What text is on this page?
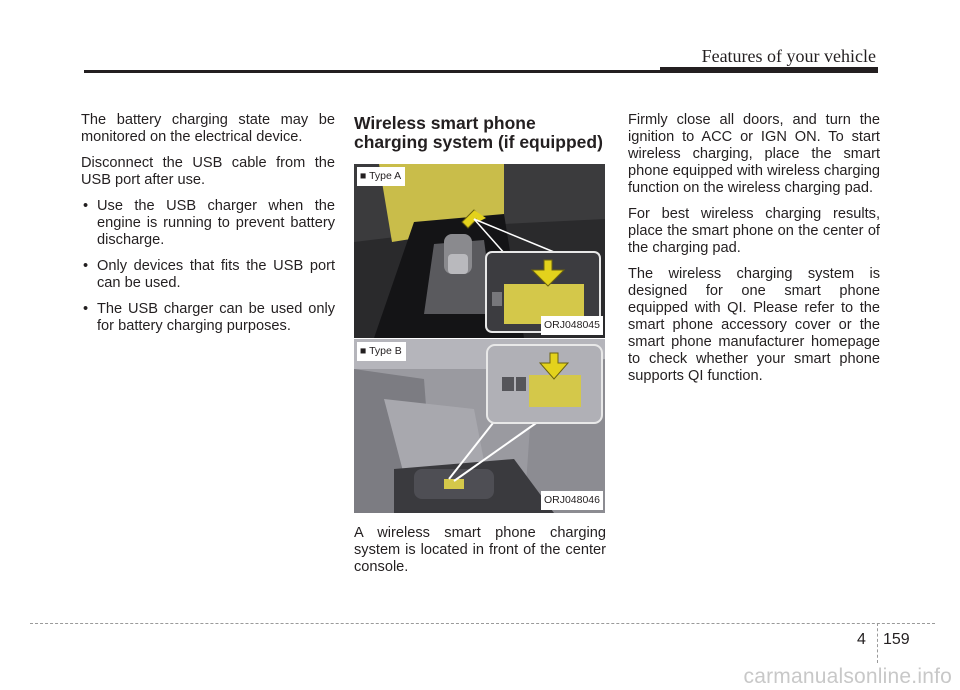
Features of your vehicle

The battery charging state may be monitored on the electrical device.

Disconnect the USB cable from the USB port after use.

• Use the USB charger when the engine is running to prevent battery discharge.
• Only devices that fits the USB port can be used.
• The USB charger can be used only for battery charging purposes.
Wireless smart phone charging system (if equipped)
■ Type A
ORJ048045
■ Type B
ORJ048046

A wireless smart phone charging system is located in front of the center console.

Firmly close all doors, and turn the ignition to ACC or IGN ON. To start wireless charging, place the smart phone equipped with wireless charging function on the wireless charging pad.

For best wireless charging results, place the smart phone on the center of the charging pad.

The wireless charging system is designed for one smart phone equipped with QI. Please refer to the smart phone accessory cover or the smart phone manufacturer homepage to check whether your smart phone supports QI function.

4 159
carmanualsonline.info
